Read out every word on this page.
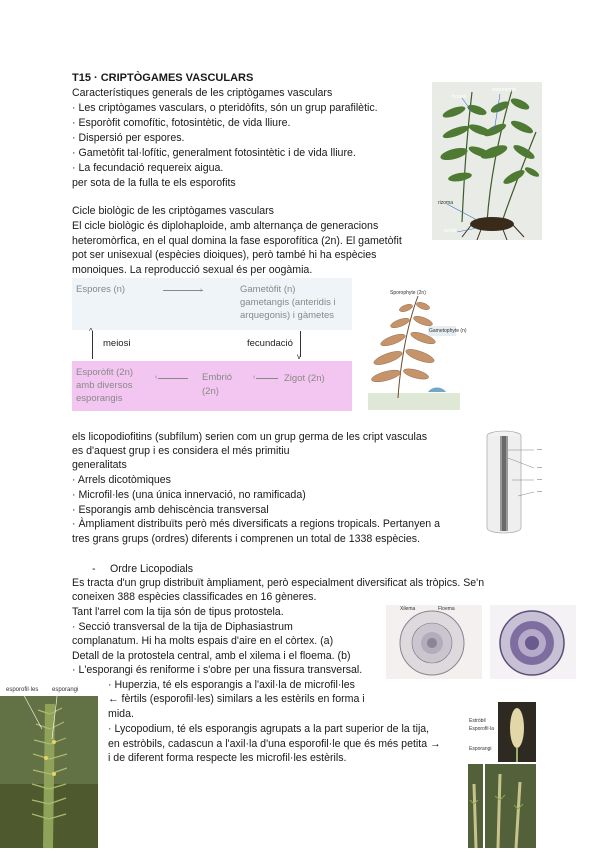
T15 · CRIPTÒGAMES VASCULARS
Característiques generals de les criptògames vasculars
· Les criptògames vasculars, o pteridòfits, són un grup parafilètic.
· Esporòfit comofític, fotosintètic, de vida lliure.
· Dispersió per espores.
· Gametòfit tal·lofític, generalment fotosintètic i de vida lliure.
· La fecundació requereix aigua.
per sota de la fulla te els esporofits
fronda
esporangis
rizoma
arrels
Cicle biològic de les criptògames vasculars
El cicle biològic és diplohaploide, amb alternança de generacions
heteromòrfica, en el qual domina la fase esporofítica (2n). El gametòfit
pot ser unisexual (espècies dioiques), però també hi ha espècies
monoiques. La reproducció sexual és per oogàmia.
Espores (n)	›	Gametòfit (n)
gametangis (anteridis i
arquegonis) i gàmetes
^
meiosi	fecundació
v
Esporòfit (2n)
amb diversos
esporangis
‹	Embrió
(2n)
‹	Zigot (2n)
Sporophyte (2n)
Gametophyte (n)
els licopodiofitins (subfílum) serien com un grup germa de les cript vasculas
es d'aquest grup i es considera el més primitiu
generalitats
· Arrels dicotòmiques
· Microfil·les (una única innervació, no ramificada)
· Esporangis amb dehiscència transversal
· Àmpliament distribuïts però més diversificats a regions tropicals. Pertanyen a
tres grans grups (ordres) diferents i comprenen un total de 1338 espècies.
—
—
—
—
- Ordre Licopodials
Es tracta d'un grup distribuït àmpliament, però especialment diversificat als tròpics. Se'n
coneixen 388 espècies classificades en 16 gèneres.
Tant l'arrel com la tija són de tipus protostela.
· Secció transversal de la tija de Diphasiastrum
complanatum. Hi ha molts espais d'aire en el còrtex. (a)
Detall de la protostela central, amb el xilema i el floema. (b)
· L'esporangi és reniforme i s'obre per una fissura transversal.
· Huperzia, té els esporangis a l'axil·la de microfil·les
← fèrtils (esporofil·les) similars a les estèrils en forma i
mida.
· Lycopodium, té els esporangis agrupats a la part superior de la tija,
en estròbils, cadascun a l'axil·la d'una esporofil·le que és més petita →
i de diferent forma respecte les microfil·les estèrils.
Xilema	Floema
esporofil·les esporangi
Estròbil
Esporofil·la
Esporangi
